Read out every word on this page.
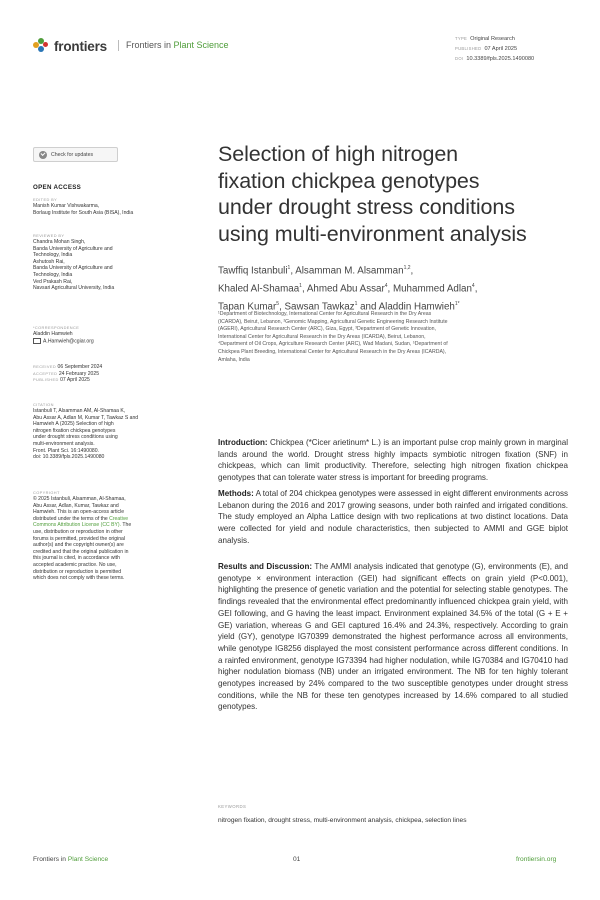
frontiers	Frontiers in Plant Science
TYPE Original Research
PUBLISHED 07 April 2025
DOI 10.3389/fpls.2025.1490080
Check for updates
OPEN ACCESS
EDITED BY
Manish Kumar Vishwakarma,
Borlaug Institute for South Asia (BISA), India
REVIEWED BY
Chandra Mohan Singh,
Banda University of Agriculture and
Technology, India
Ashutosh Rai,
Banda University of Agriculture and
Technology, India
Ved Prakash Rai,
Navsari Agricultural University, India
*CORRESPONDENCE
Aladdin Hamwieh
A.Hamwieh@cgiar.org
RECEIVED 06 September 2024
ACCEPTED 24 February 2025
PUBLISHED 07 April 2025
CITATION
Istanbuli T, Alsamman AM, Al-Shamaa K,
Abu Assar A, Adlan M, Kumar T, Tawkaz S and
Hamwieh A (2025) Selection of high
nitrogen fixation chickpea genotypes
under drought stress conditions using
multi-environment analysis.
Front. Plant Sci. 16:1490080.
doi: 10.3389/fpls.2025.1490080
COPYRIGHT
© 2025 Istanbuli, Alsamman, Al-Shamaa,
Abu Assar, Adlan, Kumar, Tawkaz and
Hamwieh. This is an open-access article
distributed under the terms of the Creative
Commons Attribution License (CC BY). The
use, distribution or reproduction in other
forums is permitted, provided the original
author(s) and the copyright owner(s) are
credited and that the original publication in
this journal is cited, in accordance with
accepted academic practice. No use,
distribution or reproduction is permitted
which does not comply with these terms.
Selection of high nitrogen
fixation chickpea genotypes
under drought stress conditions
using multi-environment analysis
Tawffiq Istanbuli$^1$, Alsamman M. Alsamman$^{1,2}$,
Khaled Al-Shamaa$^1$, Ahmed Abu Assar$^4$, Muhammed Adlan$^4$,
Tapan Kumar$^5$, Sawsan Tawkaz$^1$ and Aladdin Hamwieh$^{1*}$
¹Department of Biotechnology, International Center for Agricultural Research in the Dry Areas
(ICARDA), Beirut, Lebanon, ²Genomic Mapping, Agricultural Genetic Engineering Research Institute
(AGERI), Agricultural Research Center (ARC), Giza, Egypt, ³Department of Genetic Innovation,
International Center for Agricultural Research in the Dry Areas (ICARDA), Beirut, Lebanon,
⁴Department of Oil Crops, Agriculture Research Center (ARC), Wad Madani, Sudan, ⁵Department of
Chickpea Plant Breeding, International Center for Agricultural Research in the Dry Areas (ICARDA),
Amlaha, India

Introduction: Chickpea (*Cicer arietinum* L.) is an important pulse crop mainly grown in marginal lands around the world. Drought stress highly impacts symbiotic nitrogen fixation (SNF) in chickpeas, which can limit productivity. Therefore, selecting high nitrogen fixation chickpea genotypes that can tolerate water stress is important for breeding programs.

Methods: A total of 204 chickpea genotypes were assessed in eight different environments across Lebanon during the 2016 and 2017 growing seasons, under both rainfed and irrigated conditions. The study employed an Alpha Lattice design with two replications at two distinct locations. Data were collected for yield and nodule characteristics, then subjected to AMMI and GGE biplot analysis.

Results and Discussion: The AMMI analysis indicated that genotype (G), environments (E), and genotype × environment interaction (GEI) had significant effects on grain yield (P<0.001), highlighting the presence of genetic variation and the potential for selecting stable genotypes. The findings revealed that the environmental effect predominantly influenced chickpea grain yield, with GEI following, and G having the least impact. Environment explained 34.5% of the total (G + E + GE) variation, whereas G and GEI captured 16.4% and 24.3%, respectively. According to grain yield (GY), genotype IG70399 demonstrated the highest performance across all environments, while genotype IG8256 displayed the most consistent performance across different conditions. In a rainfed environment, genotype IG73394 had higher nodulation, while IG70384 and IG70410 had higher nodulation biomass (NB) under an irrigated environment. The NB for ten highly tolerant genotypes increased by 24% compared to the two susceptible genotypes under drought stress conditions, while the NB for these ten genotypes increased by 14.6% compared to all studied genotypes.

KEYWORDS
nitrogen fixation, drought stress, multi-environment analysis, chickpea, selection lines
Frontiers in Plant Science	01	frontiersin.org
